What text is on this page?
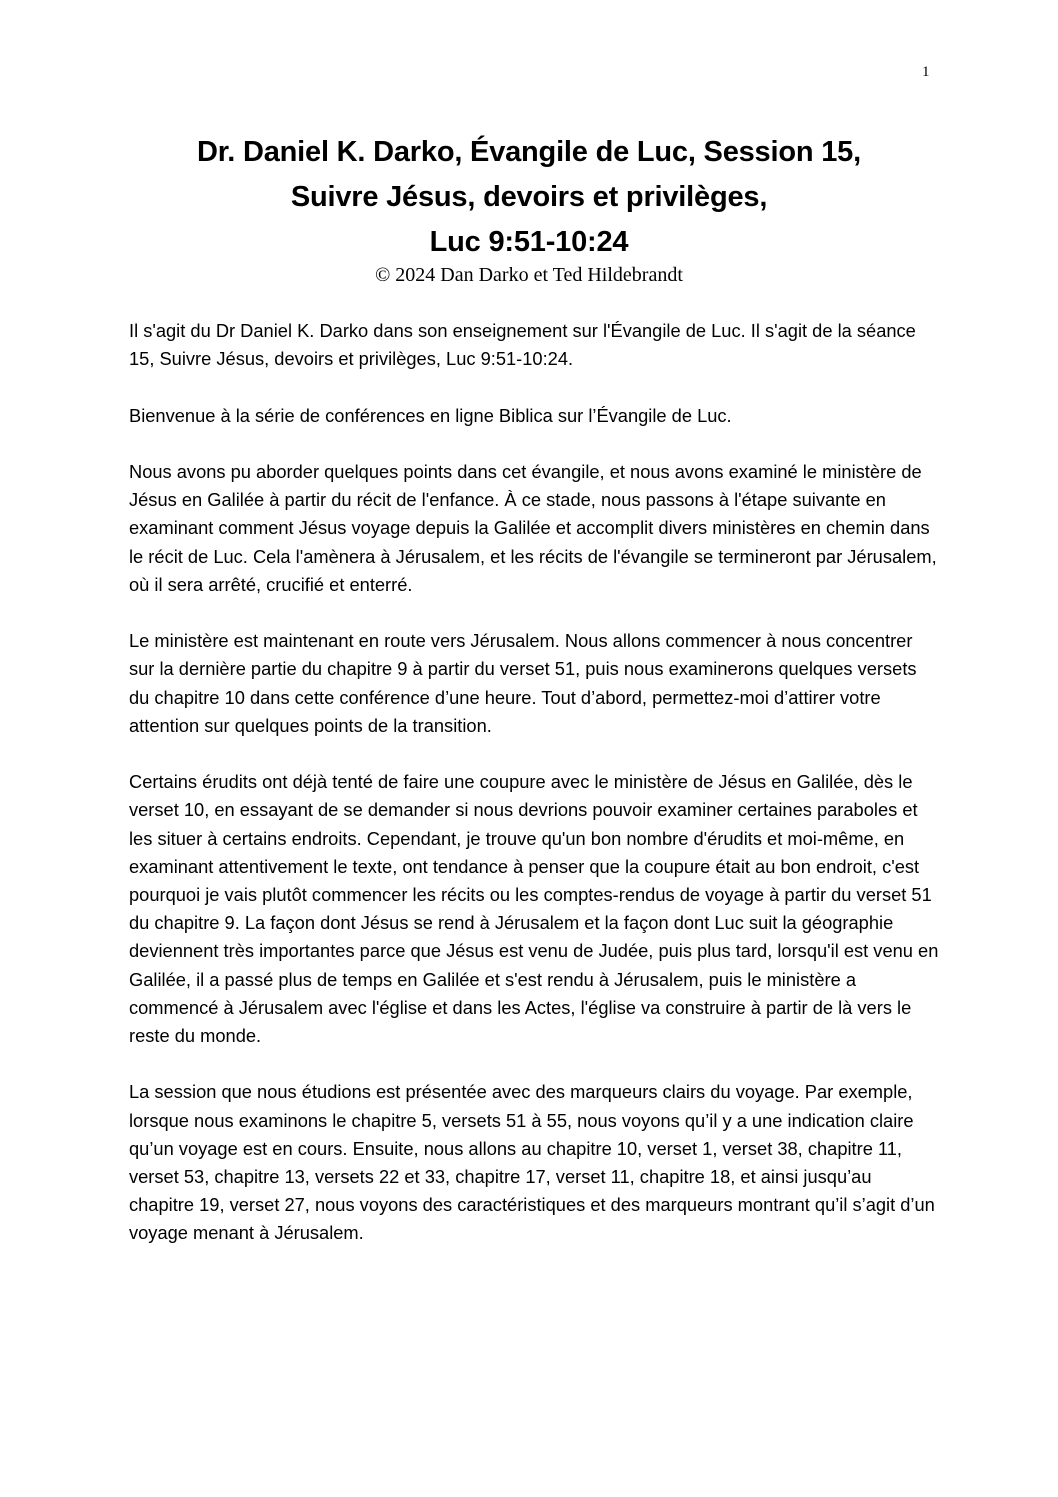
1
Dr. Daniel K. Darko, Évangile de Luc, Session 15,
Suivre Jésus, devoirs et privilèges,
Luc 9:51-10:24
© 2024 Dan Darko et Ted Hildebrandt

Il s'agit du Dr Daniel K. Darko dans son enseignement sur l'Évangile de Luc. Il s'agit de la séance 15, Suivre Jésus, devoirs et privilèges, Luc 9:51-10:24.

Bienvenue à la série de conférences en ligne Biblica sur l’Évangile de Luc.

Nous avons pu aborder quelques points dans cet évangile, et nous avons examiné le ministère de Jésus en Galilée à partir du récit de l'enfance. À ce stade, nous passons à l'étape suivante en examinant comment Jésus voyage depuis la Galilée et accomplit divers ministères en chemin dans le récit de Luc. Cela l'amènera à Jérusalem, et les récits de l'évangile se termineront par Jérusalem, où il sera arrêté, crucifié et enterré.

Le ministère est maintenant en route vers Jérusalem. Nous allons commencer à nous concentrer sur la dernière partie du chapitre 9 à partir du verset 51, puis nous examinerons quelques versets du chapitre 10 dans cette conférence d’une heure. Tout d’abord, permettez-moi d’attirer votre attention sur quelques points de la transition.

Certains érudits ont déjà tenté de faire une coupure avec le ministère de Jésus en Galilée, dès le verset 10, en essayant de se demander si nous devrions pouvoir examiner certaines paraboles et les situer à certains endroits. Cependant, je trouve qu'un bon nombre d'érudits et moi-même, en examinant attentivement le texte, ont tendance à penser que la coupure était au bon endroit, c'est pourquoi je vais plutôt commencer les récits ou les comptes-rendus de voyage à partir du verset 51 du chapitre 9. La façon dont Jésus se rend à Jérusalem et la façon dont Luc suit la géographie deviennent très importantes parce que Jésus est venu de Judée, puis plus tard, lorsqu'il est venu en Galilée, il a passé plus de temps en Galilée et s'est rendu à Jérusalem, puis le ministère a commencé à Jérusalem avec l'église et dans les Actes, l'église va construire à partir de là vers le reste du monde.

La session que nous étudions est présentée avec des marqueurs clairs du voyage. Par exemple, lorsque nous examinons le chapitre 5, versets 51 à 55, nous voyons qu’il y a une indication claire qu’un voyage est en cours. Ensuite, nous allons au chapitre 10, verset 1, verset 38, chapitre 11, verset 53, chapitre 13, versets 22 et 33, chapitre 17, verset 11, chapitre 18, et ainsi jusqu’au chapitre 19, verset 27, nous voyons des caractéristiques et des marqueurs montrant qu’il s’agit d’un voyage menant à Jérusalem.
